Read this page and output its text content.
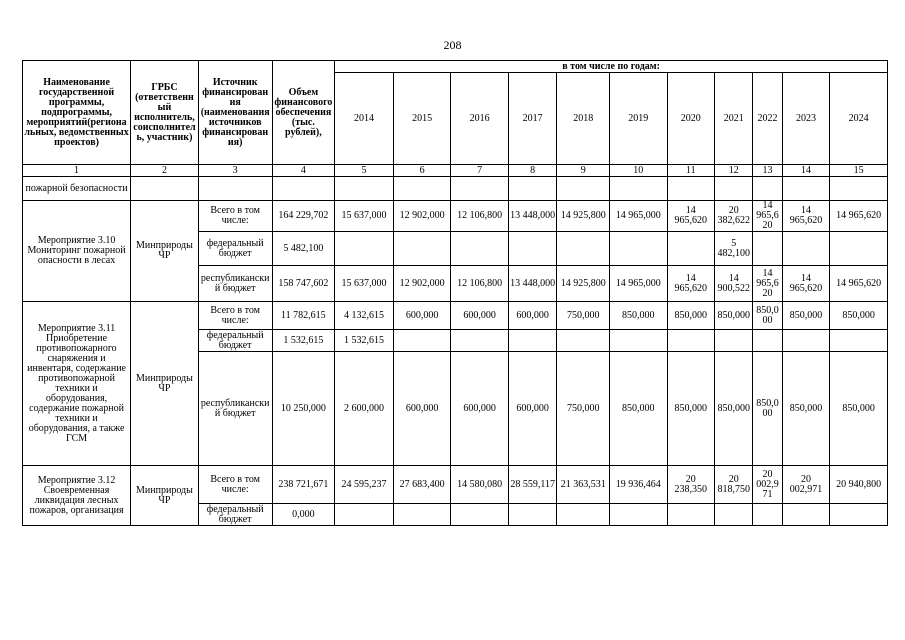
208
Наименование государственной программы, подпрограммы, мероприятий(региональных, ведомственных проектов)	ГРБС (ответственный исполнитель, соисполнитель, участник)	Источник финансирования (наименования источников финансирования)	Объем финансового обеспечения (тыс. рублей),	в том числе по годам:										
				2014	2015	2016	2017	2018	2019	2020	2021	2022	2023	2024
1	2	3	4	5	6	7	8	9	10	11	12	13	14	15
пожарной безопасности														
Мероприятие 3.10 Мониторинг пожарной опасности в лесах	Минприроды ЧР	Всего в том числе:	164 229,702	15 637,000	12 902,000	12 106,800	13 448,000	14 925,800	14 965,000	14 965,620	20 382,622	14 965,620	14 965,620	14 965,620
		федеральный бюджет	5 482,100								5 482,100			
		республиканский бюджет	158 747,602	15 637,000	12 902,000	12 106,800	13 448,000	14 925,800	14 965,000	14 965,620	14 900,522	14 965,620	14 965,620	14 965,620
Мероприятие 3.11 Приобретение противопожарного снаряжения и инвентаря, содержание противопожарной техники и оборудования, содержание пожарной техники и оборудования, а также ГСМ	Минприроды ЧР	Всего в том числе:	11 782,615	4 132,615	600,000	600,000	600,000	750,000	850,000	850,000	850,000	850,000	850,000	850,000
		федеральный бюджет	1 532,615	1 532,615										
		республиканский бюджет	10 250,000	2 600,000	600,000	600,000	600,000	750,000	850,000	850,000	850,000	850,000	850,000	850,000
Мероприятие 3.12 Своевременная ликвидация лесных пожаров, организация	Минприроды ЧР	Всего в том числе:	238 721,671	24 595,237	27 683,400	14 580,080	28 559,117	21 363,531	19 936,464	20 238,350	20 818,750	20 002,971	20 002,971	20 940,800
		федеральный бюджет	0,000											
